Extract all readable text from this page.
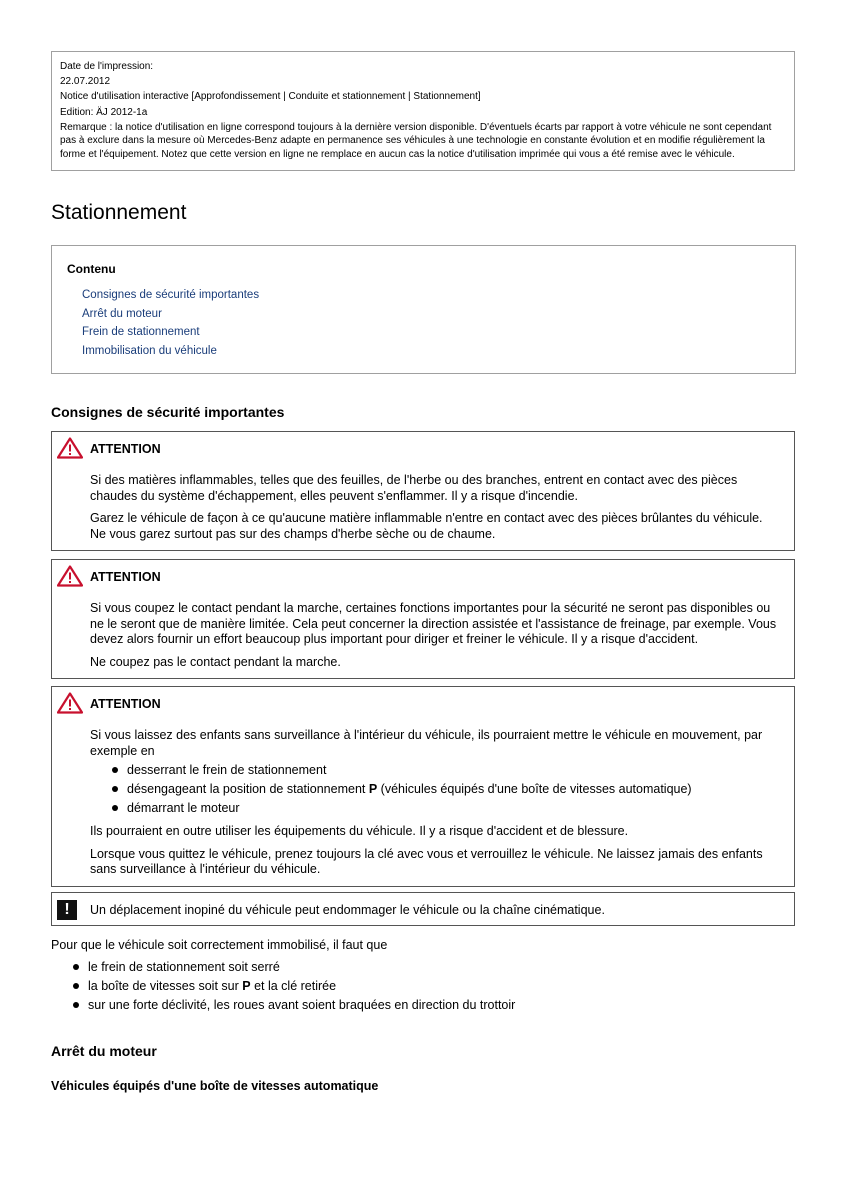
Date de l'impression:

22.07.2012

Notice d'utilisation interactive [Approfondissement | Conduite et stationnement | Stationnement]

Edition: ÄJ 2012-1a

Remarque : la notice d'utilisation en ligne correspond toujours à la dernière version disponible. D'éventuels écarts par rapport à votre véhicule ne sont cependant pas à exclure dans la mesure où Mercedes-Benz adapte en permanence ses véhicules à une technologie en constante évolution et en modifie régulièrement la forme et l'équipement. Notez que cette version en ligne ne remplace en aucun cas la notice d'utilisation imprimée qui vous a été remise avec le véhicule.

Stationnement
Contenu
Consignes de sécurité importantes
Arrêt du moteur
Frein de stationnement
Immobilisation du véhicule
Consignes de sécurité importantes
ATTENTION

Si des matières inflammables, telles que des feuilles, de l'herbe ou des branches, entrent en contact avec des pièces chaudes du système d'échappement, elles peuvent s'enflammer. Il y a risque d'incendie.

Garez le véhicule de façon à ce qu'aucune matière inflammable n'entre en contact avec des pièces brûlantes du véhicule. Ne vous garez surtout pas sur des champs d'herbe sèche ou de chaume.

ATTENTION

Si vous coupez le contact pendant la marche, certaines fonctions importantes pour la sécurité ne seront pas disponibles ou ne le seront que de manière limitée. Cela peut concerner la direction assistée et l'assistance de freinage, par exemple. Vous devez alors fournir un effort beaucoup plus important pour diriger et freiner le véhicule. Il y a risque d'accident.

Ne coupez pas le contact pendant la marche.

ATTENTION

Si vous laissez des enfants sans surveillance à l'intérieur du véhicule, ils pourraient mettre le véhicule en mouvement, par exemple en

desserrant le frein de stationnement
désengageant la position de stationnement P (véhicules équipés d'une boîte de vitesses automatique)
démarrant le moteur

Ils pourraient en outre utiliser les équipements du véhicule. Il y a risque d'accident et de blessure.

Lorsque vous quittez le véhicule, prenez toujours la clé avec vous et verrouillez le véhicule. Ne laissez jamais des enfants sans surveillance à l'intérieur du véhicule.

!	Un déplacement inopiné du véhicule peut endommager le véhicule ou la chaîne cinématique.

Pour que le véhicule soit correctement immobilisé, il faut que

le frein de stationnement soit serré
la boîte de vitesses soit sur P et la clé retirée
sur une forte déclivité, les roues avant soient braquées en direction du trottoir
Arrêt du moteur
Véhicules équipés d'une boîte de vitesses automatique
